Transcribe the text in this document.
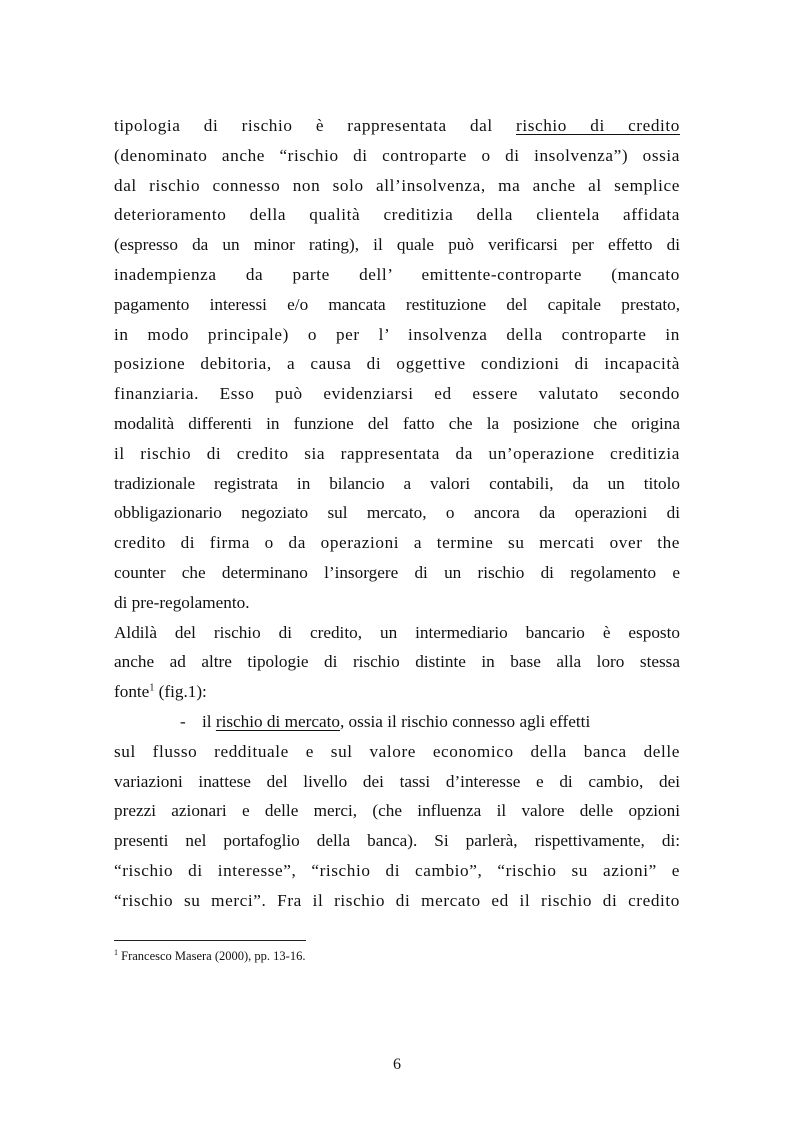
tipologia di rischio è rappresentata dal rischio di credito
(denominato anche “rischio di controparte o di insolvenza”) ossia
dal rischio connesso non solo all’insolvenza, ma anche al semplice
deterioramento della qualità creditizia della clientela affidata
(espresso da un minor rating), il quale può verificarsi per effetto di
inadempienza da parte dell’ emittente-controparte (mancato
pagamento interessi e/o mancata restituzione del capitale prestato,
in modo principale) o per l’ insolvenza della controparte in
posizione debitoria, a causa di oggettive condizioni di incapacità
finanziaria. Esso può evidenziarsi ed essere valutato secondo
modalità differenti in funzione del fatto che la posizione che origina
il rischio di credito sia rappresentata da un’operazione creditizia
tradizionale registrata in bilancio a valori contabili, da un titolo
obbligazionario negoziato sul mercato, o ancora da operazioni di
credito di firma o da operazioni a termine su mercati over the
counter che determinano l’insorgere di un rischio di regolamento e
di pre-regolamento.
Aldilà del rischio di credito, un intermediario bancario è esposto
anche ad altre tipologie di rischio distinte in base alla loro stessa
fonte$^1$ (fig.1):
- il rischio di mercato, ossia il rischio connesso agli effetti
sul flusso reddituale e sul valore economico della banca delle
variazioni inattese del livello dei tassi d’interesse e di cambio, dei
prezzi azionari e delle merci, (che influenza il valore delle opzioni
presenti nel portafoglio della banca). Si parlerà, rispettivamente, di:
“rischio di interesse”, “rischio di cambio”, “rischio su azioni” e
“rischio su merci”. Fra il rischio di mercato ed il rischio di credito
$^1$ Francesco Masera (2000), pp. 13-16.
6
